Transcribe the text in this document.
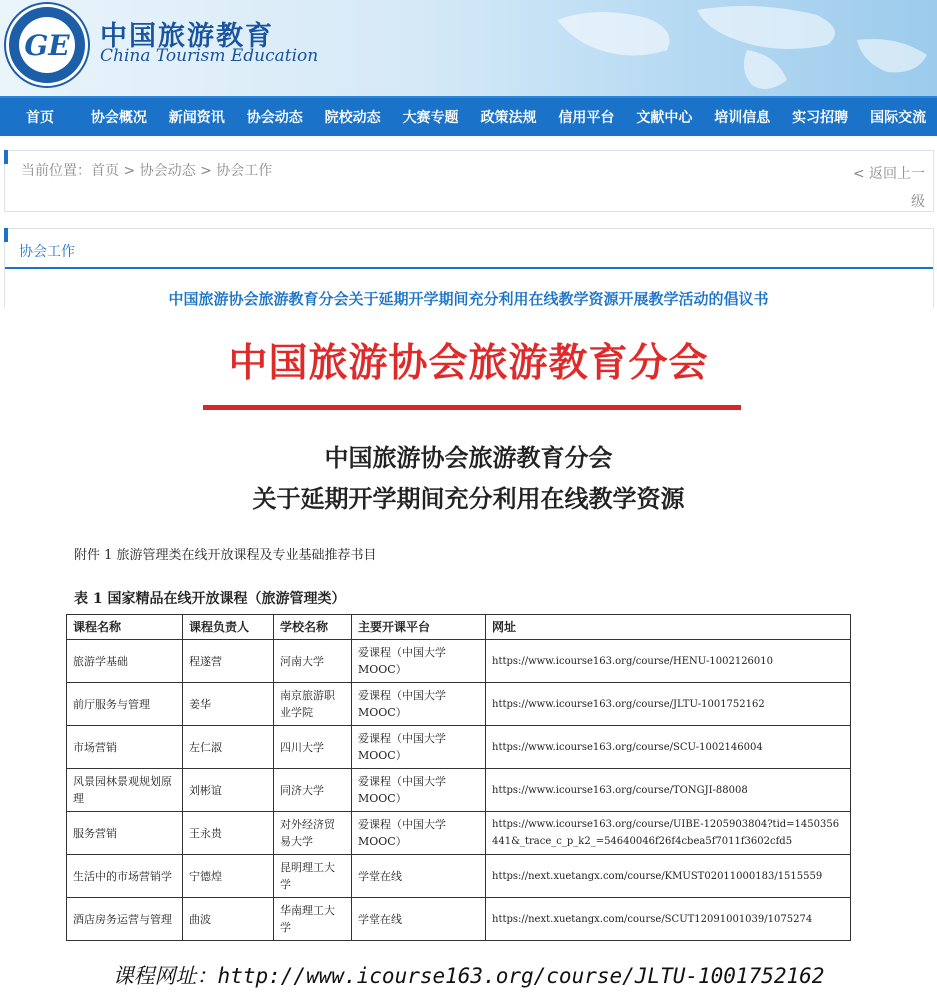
GE	中国旅游教育
China Tourism Education
首页	协会概况	新闻资讯	协会动态	院校动态	大赛专题	政策法规	信用平台	文献中心	培训信息	实习招聘	国际交流
当前位置：首页 > 协会动态 > 协会工作	< 返回上一级
协会工作
中国旅游协会旅游教育分会关于延期开学期间充分利用在线教学资源开展教学活动的倡议书
中国旅游协会旅游教育分会
中国旅游协会旅游教育分会
关于延期开学期间充分利用在线教学资源
附件 1 旅游管理类在线开放课程及专业基础推荐书目
表 1 国家精品在线开放课程（旅游管理类）
课程名称	课程负责人	学校名称	主要开课平台	网址
旅游学基础	程遂营	河南大学	爱课程（中国大学MOOC）	https://www.icourse163.org/course/HENU-1002126010
前厅服务与管理	姜华	南京旅游职业学院	爱课程（中国大学MOOC）	https://www.icourse163.org/course/JLTU-1001752162
市场营销	左仁淑	四川大学	爱课程（中国大学MOOC）	https://www.icourse163.org/course/SCU-1002146004
风景园林景观规划原理	刘彬谊	同济大学	爱课程（中国大学MOOC）	https://www.icourse163.org/course/TONGJI-88008
服务营销	王永贵	对外经济贸易大学	爱课程（中国大学MOOC）	https://www.icourse163.org/course/UIBE-1205903804?tid=1450356441&_trace_c_p_k2_=54640046f26f4cbea5f7011f3602cfd5
生活中的市场营销学	宁德煌	昆明理工大学	学堂在线	https://next.xuetangx.com/course/KMUST02011000183/1515559
酒店房务运营与管理	曲波	华南理工大学	学堂在线	https://next.xuetangx.com/course/SCUT12091001039/1075274
课程网址：http://www.icourse163.org/course/JLTU-1001752162
